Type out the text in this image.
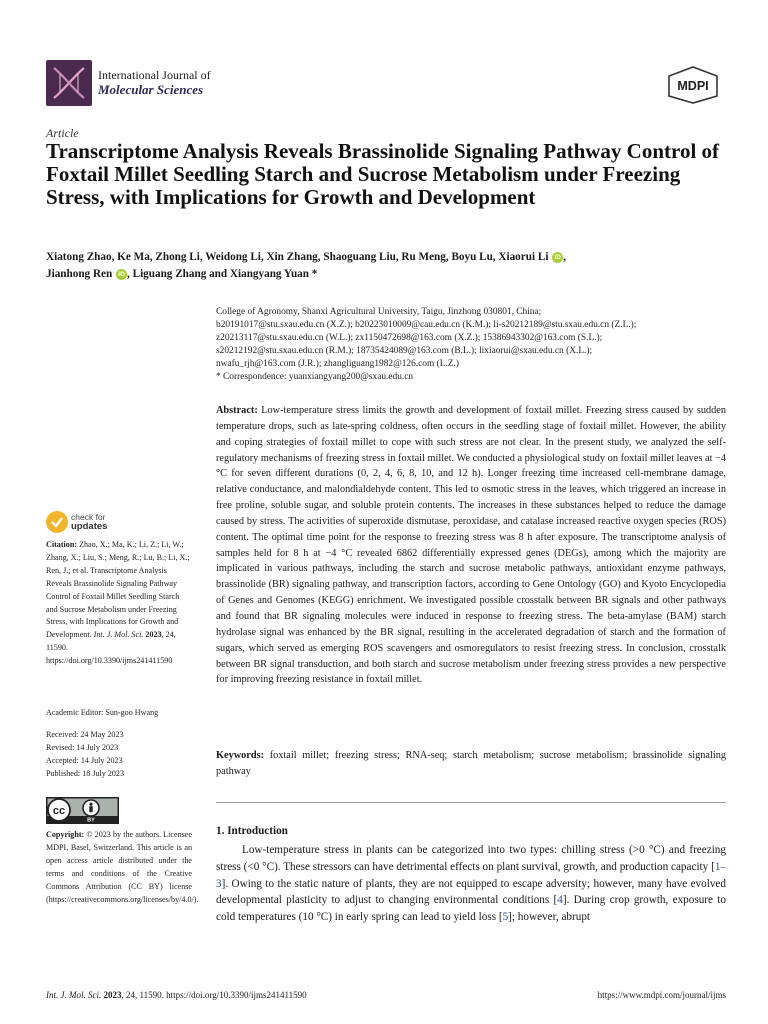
International Journal of
Molecular Sciences	MDPI
Article
Transcriptome Analysis Reveals Brassinolide Signaling Pathway Control of Foxtail Millet Seedling Starch and Sucrose Metabolism under Freezing Stress, with Implications for Growth and Development
Xiatong Zhao, Ke Ma, Zhong Li, Weidong Li, Xin Zhang, Shaoguang Liu, Ru Meng, Boyu Lu, Xiaorui Li iD ,
Jianhong Ren iD , Liguang Zhang and Xiangyang Yuan *
College of Agronomy, Shanxi Agricultural University, Taigu, Jinzhong 030801, China;
b20191017@stu.sxau.edu.cn (X.Z.); b20223010009@cau.edu.cn (K.M.); li-s20212189@stu.sxau.edu.cn (Z.L.);
z20213117@stu.sxau.edu.cn (W.L.); zx1150472698@163.com (X.Z.); 15386943302@163.com (S.L.);
s20212192@stu.sxau.edu.cn (R.M.); 18735424089@163.com (B.L.); lixiaorui@sxau.edu.cn (X.L.);
nwafu_rjh@163.com (J.R.); zhangliguang1982@126.com (L.Z.)
* Correspondence: yuanxiangyang200@sxau.edu.cn
Abstract: Low-temperature stress limits the growth and development of foxtail millet. Freezing stress caused by sudden temperature drops, such as late-spring coldness, often occurs in the seedling stage of foxtail millet. However, the ability and coping strategies of foxtail millet to cope with such stress are not clear. In the present study, we analyzed the self-regulatory mechanisms of freezing stress in foxtail millet. We conducted a physiological study on foxtail millet leaves at −4 °C for seven different durations (0, 2, 4, 6, 8, 10, and 12 h). Longer freezing time increased cell-membrane damage, relative conductance, and malondialdehyde content. This led to osmotic stress in the leaves, which triggered an increase in free proline, soluble sugar, and soluble protein contents. The increases in these substances helped to reduce the damage caused by stress. The activities of superoxide dismutase, peroxidase, and catalase increased reactive oxygen species (ROS) content. The optimal time point for the response to freezing stress was 8 h after exposure. The transcriptome analysis of samples held for 8 h at −4 °C revealed 6862 differentially expressed genes (DEGs), among which the majority are implicated in various pathways, including the starch and sucrose metabolic pathways, antioxidant enzyme pathways, brassinolide (BR) signaling pathway, and transcription factors, according to Gene Ontology (GO) and Kyoto Encyclopedia of Genes and Genomes (KEGG) enrichment. We investigated possible crosstalk between BR signals and other pathways and found that BR signaling molecules were induced in response to freezing stress. The beta-amylase (BAM) starch hydrolase signal was enhanced by the BR signal, resulting in the accelerated degradation of starch and the formation of sugars, which served as emerging ROS scavengers and osmoregulators to resist freezing stress. In conclusion, crosstalk between BR signal transduction, and both starch and sucrose metabolism under freezing stress provides a new perspective for improving freezing resistance in foxtail millet.
Keywords: foxtail millet; freezing stress; RNA-seq; starch metabolism; sucrose metabolism; brassinolide signaling pathway
check for
updates
Citation: Zhao, X.; Ma, K.; Li, Z.; Li, W.; Zhang, X.; Liu, S.; Meng, R.; Lu, B.; Li, X.; Ren, J.; et al. Transcriptome Analysis Reveals Brassinolide Signaling Pathway Control of Foxtail Millet Seedling Starch and Sucrose Metabolism under Freezing Stress, with Implications for Growth and Development. Int. J. Mol. Sci. 2023, 24, 11590. https://doi.org/10.3390/ijms241411590
Academic Editor: Sun-goo Hwang
Received: 24 May 2023
Revised: 14 July 2023
Accepted: 14 July 2023
Published: 18 July 2023
cc
BY
Copyright: © 2023 by the authors. Licensee MDPI, Basel, Switzerland. This article is an open access article distributed under the terms and conditions of the Creative Commons Attribution (CC BY) license (https://creativecommons.org/licenses/by/4.0/).
1. Introduction
Low-temperature stress in plants can be categorized into two types: chilling stress (>0 °C) and freezing stress (<0 °C). These stressors can have detrimental effects on plant survival, growth, and production capacity [1–3]. Owing to the static nature of plants, they are not equipped to escape adversity; however, many have evolved developmental plasticity to adjust to changing environmental conditions [4]. During crop growth, exposure to cold temperatures (10 °C) in early spring can lead to yield loss [5]; however, abrupt
Int. J. Mol. Sci. 2023, 24, 11590. https://doi.org/10.3390/ijms241411590	https://www.mdpi.com/journal/ijms
